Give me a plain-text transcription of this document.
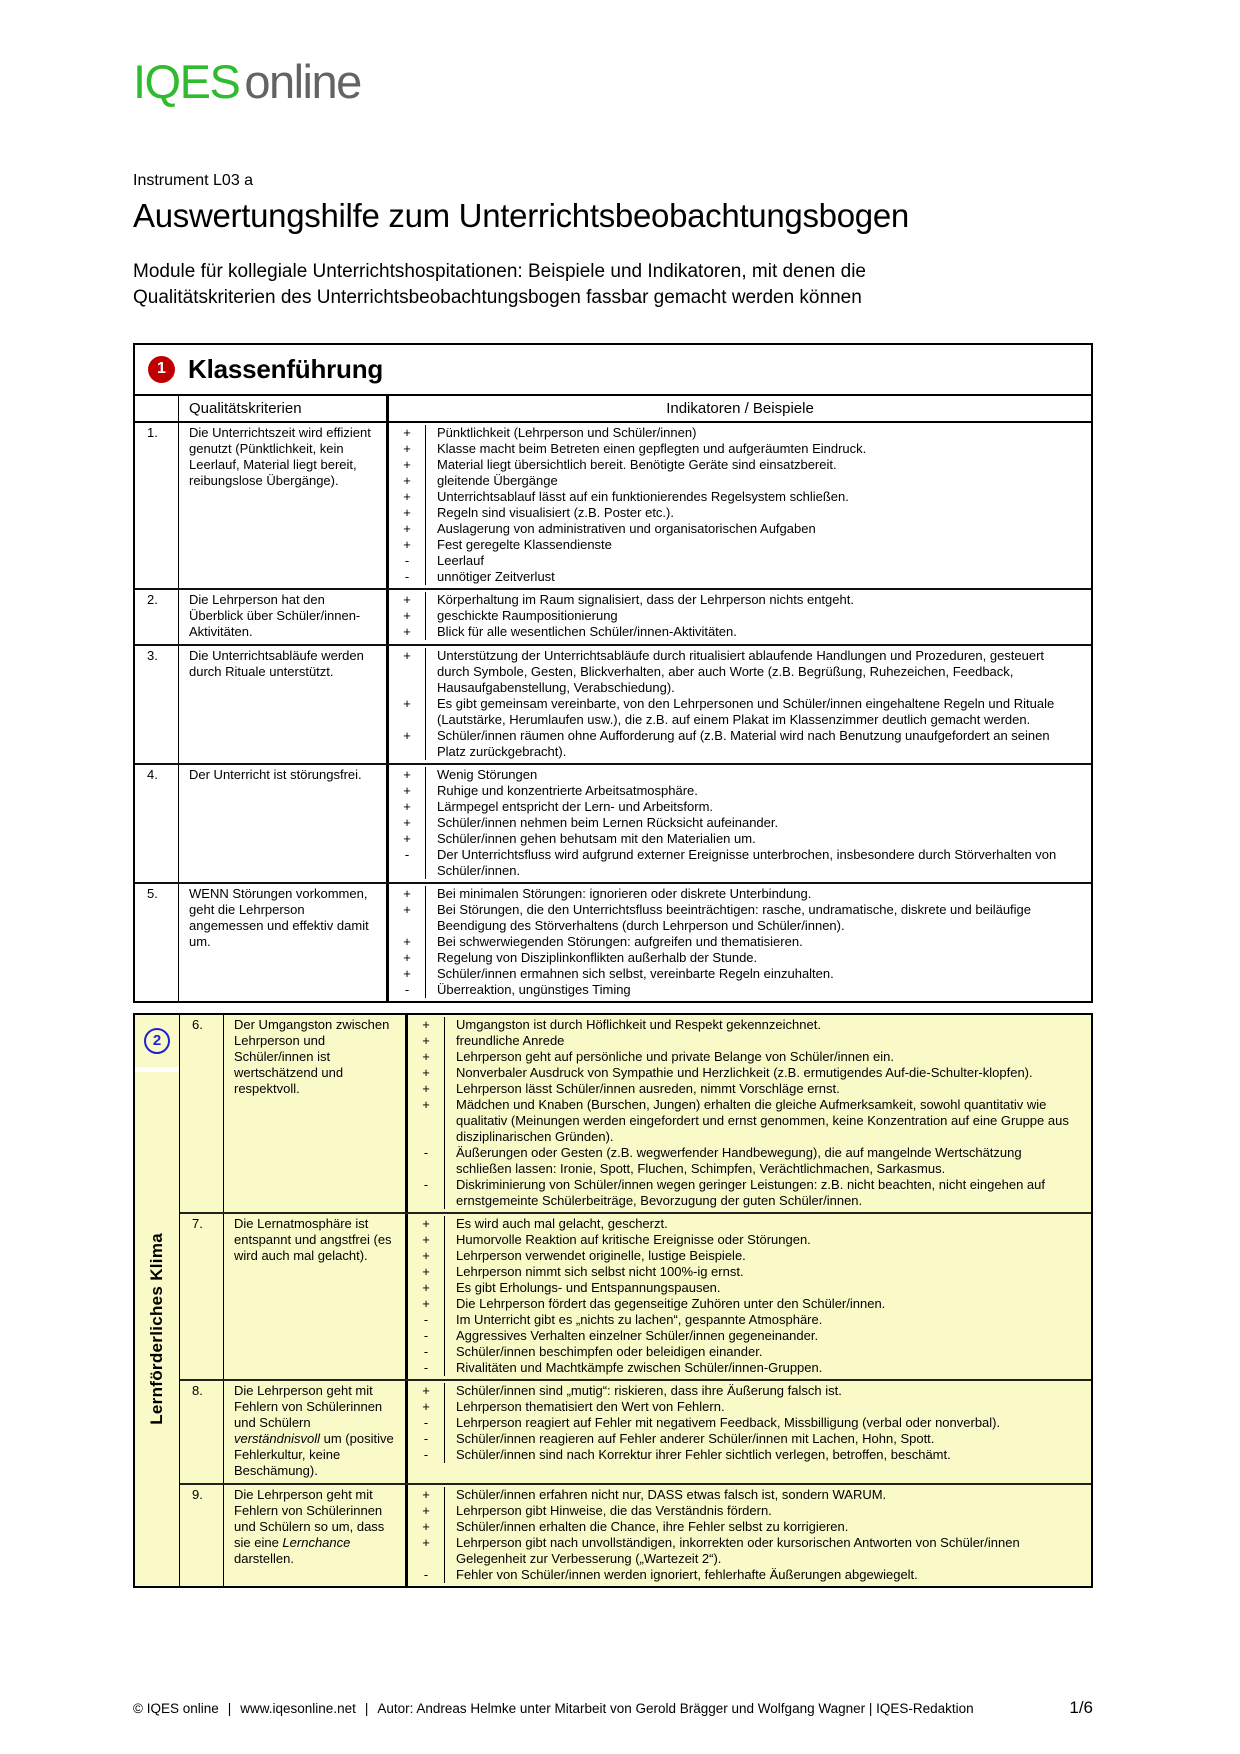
IQES online
Instrument L03 a
Auswertungshilfe zum Unterrichtsbeobachtungsbogen

Module für kollegiale Unterrichtshospitationen: Beispiele und Indikatoren, mit denen die Qualitätskriterien des Unterrichtsbeobachtungsbogen fassbar gemacht werden können

1 Klassenführung
Qualitätskriterien	Indikatoren / Beispiele
1.	Die Unterrichtszeit wird effizient genutzt (Pünktlichkeit, kein Leerlauf, Material liegt bereit, reibungslose Übergänge).
+	Pünktlichkeit (Lehrperson und Schüler/innen)
+	Klasse macht beim Betreten einen gepflegten und aufgeräumten Eindruck.
+	Material liegt übersichtlich bereit. Benötigte Geräte sind einsatzbereit.
+	gleitende Übergänge
+	Unterrichtsablauf lässt auf ein funktionierendes Regelsystem schließen.
+	Regeln sind visualisiert (z.B. Poster etc.).
+	Auslagerung von administrativen und organisatorischen Aufgaben
+	Fest geregelte Klassendienste
-	Leerlauf
-	unnötiger Zeitverlust
2.	Die Lehrperson hat den Überblick über Schüler/innen-Aktivitäten.
+	Körperhaltung im Raum signalisiert, dass der Lehrperson nichts entgeht.
+	geschickte Raumpositionierung
+	Blick für alle wesentlichen Schüler/innen-Aktivitäten.
3.	Die Unterrichtsabläufe werden durch Rituale unterstützt.
+	Unterstützung der Unterrichtsabläufe durch ritualisiert ablaufende Handlungen und Prozeduren, gesteuert durch Symbole, Gesten, Blickverhalten, aber auch Worte (z.B. Begrüßung, Ruhezeichen, Feedback, Hausaufgabenstellung, Verabschiedung).
+	Es gibt gemeinsam vereinbarte, von den Lehrpersonen und Schüler/innen eingehaltene Regeln und Rituale (Lautstärke, Herumlaufen usw.), die z.B. auf einem Plakat im Klassenzimmer deutlich gemacht werden.
+	Schüler/innen räumen ohne Aufforderung auf (z.B. Material wird nach Benutzung unaufgefordert an seinen Platz zurückgebracht).
4.	Der Unterricht ist störungsfrei.	+	Wenig Störungen
+	Ruhige und konzentrierte Arbeitsatmosphäre.
+	Lärmpegel entspricht der Lern- und Arbeitsform.
+	Schüler/innen nehmen beim Lernen Rücksicht aufeinander.
+	Schüler/innen gehen behutsam mit den Materialien um.
-	Der Unterrichtsfluss wird aufgrund externer Ereignisse unterbrochen, insbesondere durch Störverhalten von Schüler/innen.
5.	WENN Störungen vorkommen, geht die Lehrperson angemessen und effektiv damit um.
+	Bei minimalen Störungen: ignorieren oder diskrete Unterbindung.
+	Bei Störungen, die den Unterrichtsfluss beeinträchtigen: rasche, undramatische, diskrete und beiläufige Beendigung des Störverhaltens (durch Lehrperson und Schüler/innen).
+	Bei schwerwiegenden Störungen: aufgreifen und thematisieren.
+	Regelung von Disziplinkonflikten außerhalb der Stunde.
+	Schüler/innen ermahnen sich selbst, vereinbarte Regeln einzuhalten.
-	Überreaktion, ungünstiges Timing
2
Lernförderliches Klima
6.	Der Umgangston zwischen Lehrperson und Schüler/innen ist wertschätzend und respektvoll.
+	Umgangston ist durch Höflichkeit und Respekt gekennzeichnet.
+	freundliche Anrede
+	Lehrperson geht auf persönliche und private Belange von Schüler/innen ein.
+	Nonverbaler Ausdruck von Sympathie und Herzlichkeit (z.B. ermutigendes Auf-die-Schulter-klopfen).
+	Lehrperson lässt Schüler/innen ausreden, nimmt Vorschläge ernst.
+	Mädchen und Knaben (Burschen, Jungen) erhalten die gleiche Aufmerksamkeit, sowohl quantitativ wie qualitativ (Meinungen werden eingefordert und ernst genommen, keine Konzentration auf eine Gruppe aus disziplinarischen Gründen).
-	Äußerungen oder Gesten (z.B. wegwerfender Handbewegung), die auf mangelnde Wertschätzung schließen lassen: Ironie, Spott, Fluchen, Schimpfen, Verächtlichmachen, Sarkasmus.
-	Diskriminierung von Schüler/innen wegen geringer Leistungen: z.B. nicht beachten, nicht eingehen auf ernstgemeinte Schülerbeiträge, Bevorzugung der guten Schüler/innen.
7.	Die Lernatmosphäre ist entspannt und angstfrei (es wird auch mal gelacht).
+	Es wird auch mal gelacht, gescherzt.
+	Humorvolle Reaktion auf kritische Ereignisse oder Störungen.
+	Lehrperson verwendet originelle, lustige Beispiele.
+	Lehrperson nimmt sich selbst nicht 100%-ig ernst.
+	Es gibt Erholungs- und Entspannungspausen.
+	Die Lehrperson fördert das gegenseitige Zuhören unter den Schüler/innen.
-	Im Unterricht gibt es „nichts zu lachen“, gespannte Atmosphäre.
-	Aggressives Verhalten einzelner Schüler/innen gegeneinander.
-	Schüler/innen beschimpfen oder beleidigen einander.
-	Rivalitäten und Machtkämpfe zwischen Schüler/innen-Gruppen.
8.	Die Lehrperson geht mit Fehlern von Schülerinnen und Schülern verständnisvoll um (positive Fehlerkultur, keine Beschämung).
+	Schüler/innen sind „mutig“: riskieren, dass ihre Äußerung falsch ist.
+	Lehrperson thematisiert den Wert von Fehlern.
-	Lehrperson reagiert auf Fehler mit negativem Feedback, Missbilligung (verbal oder nonverbal).
-	Schüler/innen reagieren auf Fehler anderer Schüler/innen mit Lachen, Hohn, Spott.
-	Schüler/innen sind nach Korrektur ihrer Fehler sichtlich verlegen, betroffen, beschämt.
9.	Die Lehrperson geht mit Fehlern von Schülerinnen und Schülern so um, dass sie eine Lernchance darstellen.
+	Schüler/innen erfahren nicht nur, DASS etwas falsch ist, sondern WARUM.
+	Lehrperson gibt Hinweise, die das Verständnis fördern.
+	Schüler/innen erhalten die Chance, ihre Fehler selbst zu korrigieren.
+	Lehrperson gibt nach unvollständigen, inkorrekten oder kursorischen Antworten von Schüler/innen Gelegenheit zur Verbesserung („Wartezeit 2“).
-	Fehler von Schüler/innen werden ignoriert, fehlerhafte Äußerungen abgewiegelt.
© IQES online | www.iqesonline.net | Autor: Andreas Helmke unter Mitarbeit von Gerold Brägger und Wolfgang Wagner | IQES-Redaktion	1/6
